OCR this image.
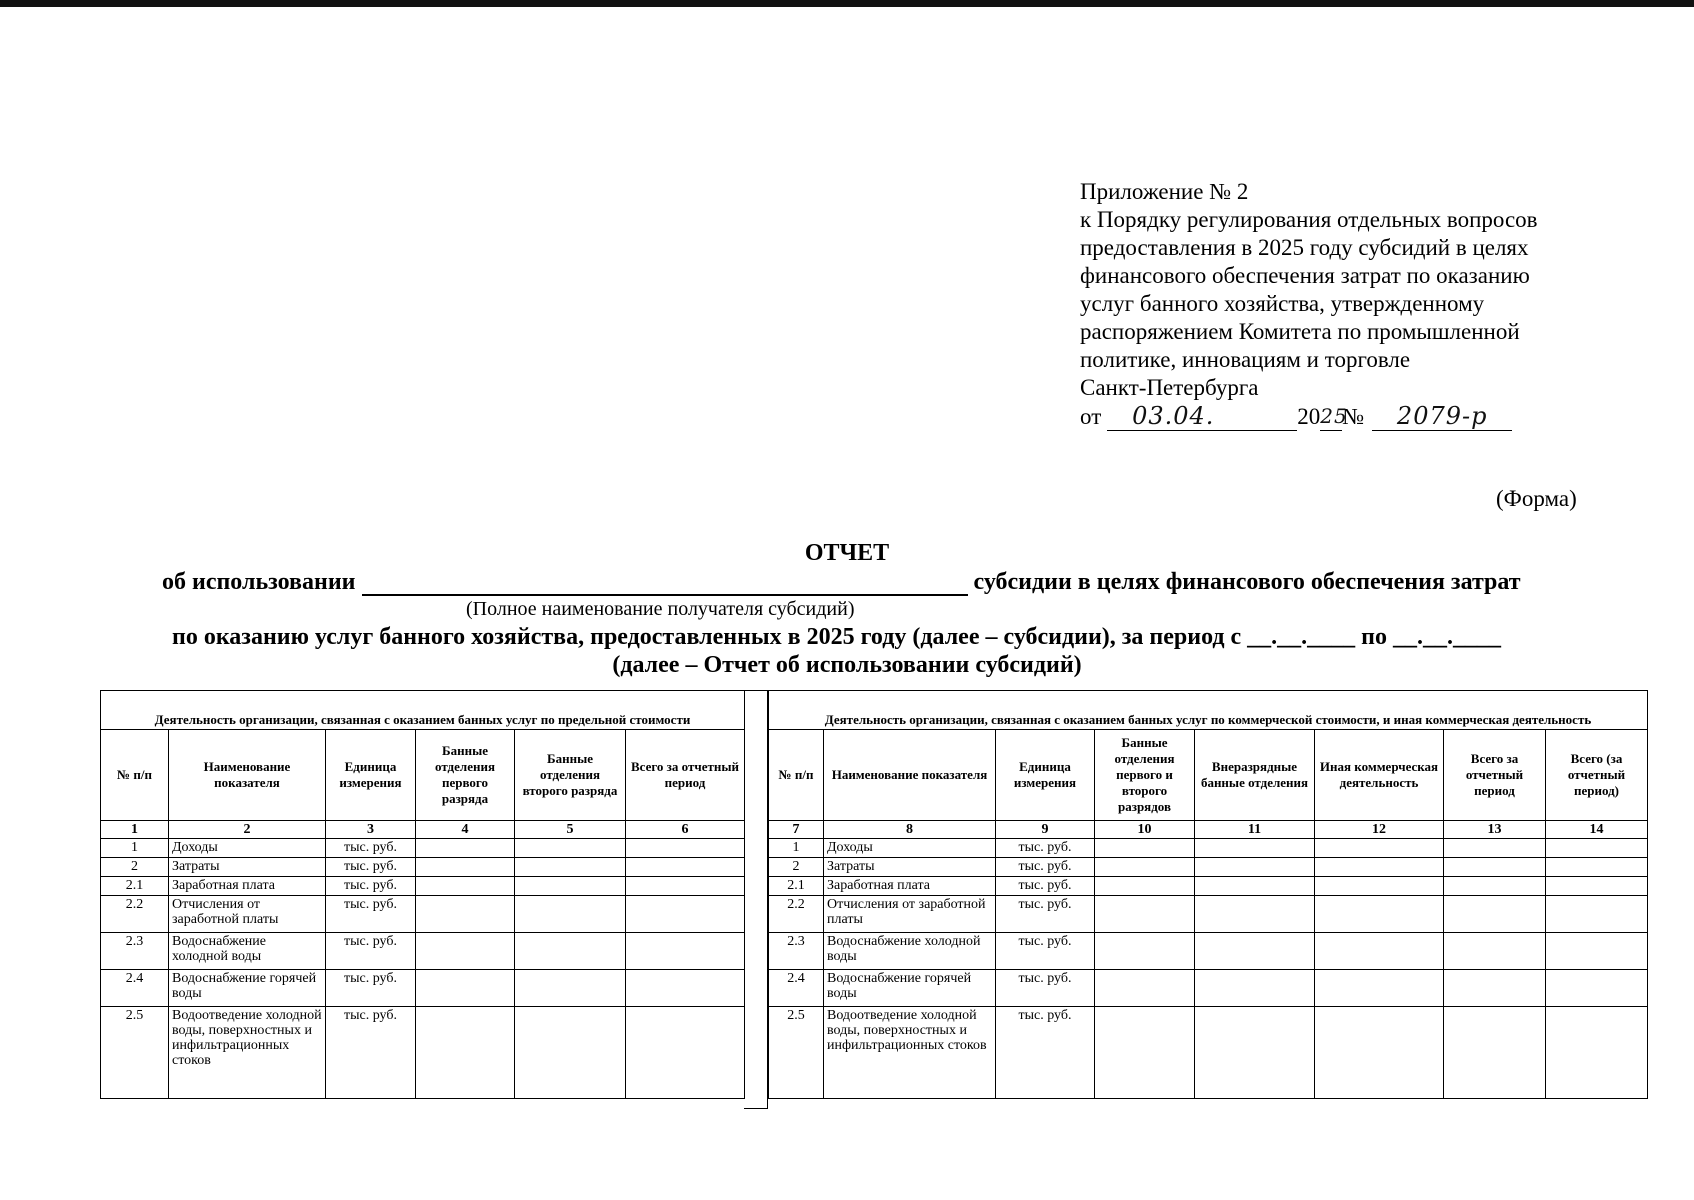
Приложение № 2
к Порядку регулирования отдельных вопросов
предоставления в 2025 году субсидий в целях
финансового обеспечения затрат по оказанию
услуг банного хозяйства, утвержденному
распоряжением Комитета по промышленной
политике, инновациям и торговле
Санкт-Петербурга
от	03.04.	20 25
№	2079-р
(Форма)
ОТЧЕТ
об использовании	субсидии в целях финансового обеспечения затрат
(Полное наименование получателя субсидий)
по оказанию услуг банного хозяйства, предоставленных в 2025 году (далее – субсидии), за период с __.__.____ по __.__.____
(далее – Отчет об использовании субсидий)
Деятельность организации, связанная с оказанием банных услуг по предельной стоимости					
№ п/п	Наименование показателя	Единица измерения	Банные отделения первого разряда	Банные отделения второго разряда	Всего за отчетный период
1	2	3	4	5	6
1	Доходы	тыс. руб.			
2	Затраты	тыс. руб.			
2.1	Заработная плата	тыс. руб.			
2.2	Отчисления от заработной платы	тыс. руб.			
2.3	Водоснабжение холодной воды	тыс. руб.			
2.4	Водоснабжение горячей воды	тыс. руб.			
2.5	Водоотведение холодной воды, поверхностных и инфильтрационных стоков	тыс. руб.			
Деятельность организации, связанная с оказанием банных услуг по коммерческой стоимости, и иная коммерческая деятельность							
№ п/п	Наименование показателя	Единица измерения	Банные отделения первого и второго разрядов	Внеразрядные банные отделения	Иная коммерческая деятельность	Всего за отчетный период	Всего (за отчетный период)
7	8	9	10	11	12	13	14
1	Доходы	тыс. руб.					
2	Затраты	тыс. руб.					
2.1	Заработная плата	тыс. руб.					
2.2	Отчисления от заработной платы	тыс. руб.					
2.3	Водоснабжение холодной воды	тыс. руб.					
2.4	Водоснабжение горячей воды	тыс. руб.					
2.5	Водоотведение холодной воды, поверхностных и инфильтрационных стоков	тыс. руб.					
